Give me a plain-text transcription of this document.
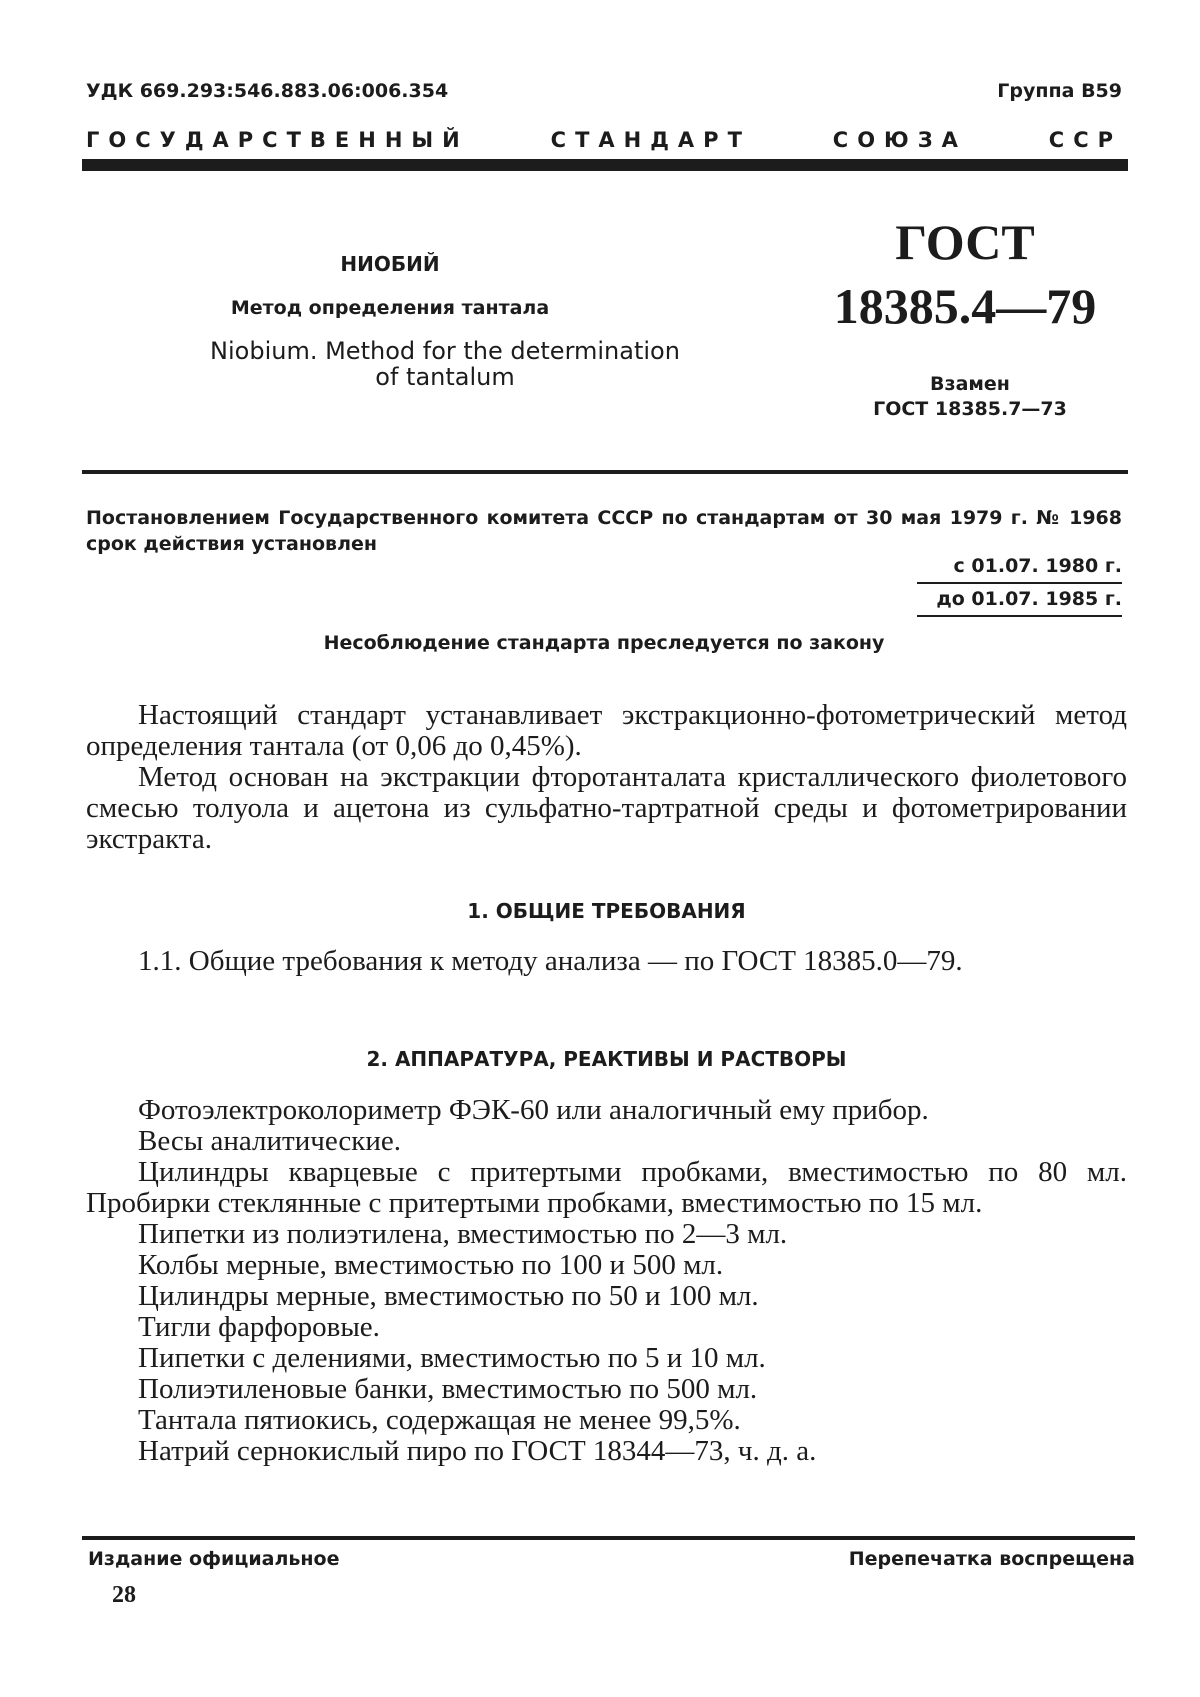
УДК 669.293:546.883.06:006.354	Группа В59
ГОСУДАРСТВЕННЫЙ	СТАНДАРТ	СОЮЗА	ССР
НИОБИЙ
Метод определения тантала
Niobium. Method for the determination
of tantalum
ГОСТ
18385.4—79
Взамен
ГОСТ 18385.7—73
Постановлением Государственного комитета СССР по стандартам от 30 мая 1979 г. № 1968 срок действия установлен
с 01.07. 1980 г.
до 01.07. 1985 г.
Несоблюдение стандарта преследуется по закону

Настоящий стандарт устанавливает экстракционно-фотометрический метод определения тантала (от 0,06 до 0,45%).

Метод основан на экстракции фторотанталата кристаллического фиолетового смесью толуола и ацетона из сульфатно-тартратной среды и фотометрировании экстракта.

1. ОБЩИЕ ТРЕБОВАНИЯ

1.1. Общие требования к методу анализа — по ГОСТ 18385.0—79.

2. АППАРАТУРА, РЕАКТИВЫ И РАСТВОРЫ

Фотоэлектроколориметр ФЭК-60 или аналогичный ему прибор.

Весы аналитические.

Цилиндры кварцевые с притертыми пробками, вместимостью по 80 мл. Пробирки стеклянные с притертыми пробками, вместимостью по 15 мл.

Пипетки из полиэтилена, вместимостью по 2—3 мл.

Колбы мерные, вместимостью по 100 и 500 мл.

Цилиндры мерные, вместимостью по 50 и 100 мл.

Тигли фарфоровые.

Пипетки с делениями, вместимостью по 5 и 10 мл.

Полиэтиленовые банки, вместимостью по 500 мл.

Тантала пятиокись, содержащая не менее 99,5%.

Натрий сернокислый пиро по ГОСТ 18344—73, ч. д. а.

Издание официальное	Перепечатка воспрещена
28
